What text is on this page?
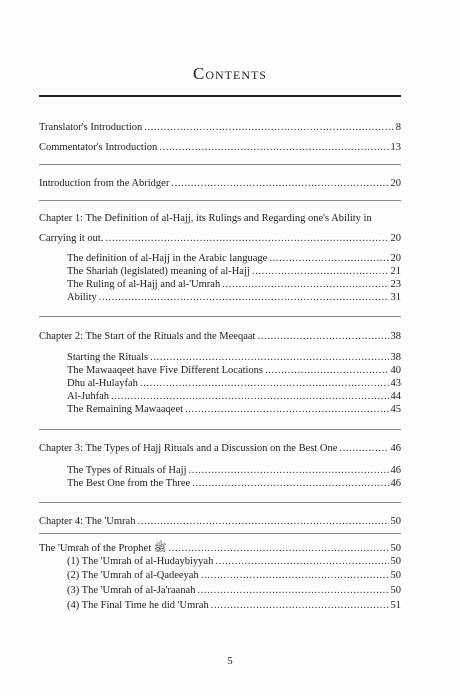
Contents
Translator's Introduction . . .	8
Commentator's Introduction . . .	13
Introduction from the Abridger . . .	20
Chapter 1: The Definition of al-Hajj, its Rulings and Regarding one's Ability in
Carrying it out. . . .	20
The definition of al-Hajj in the Arabic language . . .	20
The Shariah (legislated) meaning of al-Hajj . . .	21
The Ruling of al-Hajj and al-'Umrah . . .	23
Ability . . .	31
Chapter 2: The Start of the Rituals and the Meeqaat . . .	38
Starting the Rituals . . .	38
The Mawaaqeet have Five Different Locations . . .	40
Dhu al-Hulayfah . . .	43
Al-Juhfah . . .	44
The Remaining Mawaaqeet . . .	45
Chapter 3: The Types of Hajj Rituals and a Discussion on the Best One . . .	46
The Types of Rituals of Hajj . . .	46
The Best One from the Three . . .	46
Chapter 4: The 'Umrah . . .	50
The 'Umrah of the Prophet ﷺ . . .	50
(1) The 'Umrah of al-Hudaybiyyah . . .	50
(2) The 'Umrah of al-Qadeeyah . . .	50
(3) The 'Umrah of al-Ja'raanah . . .	50
(4) The Final Time he did 'Umrah . . .	51
5
